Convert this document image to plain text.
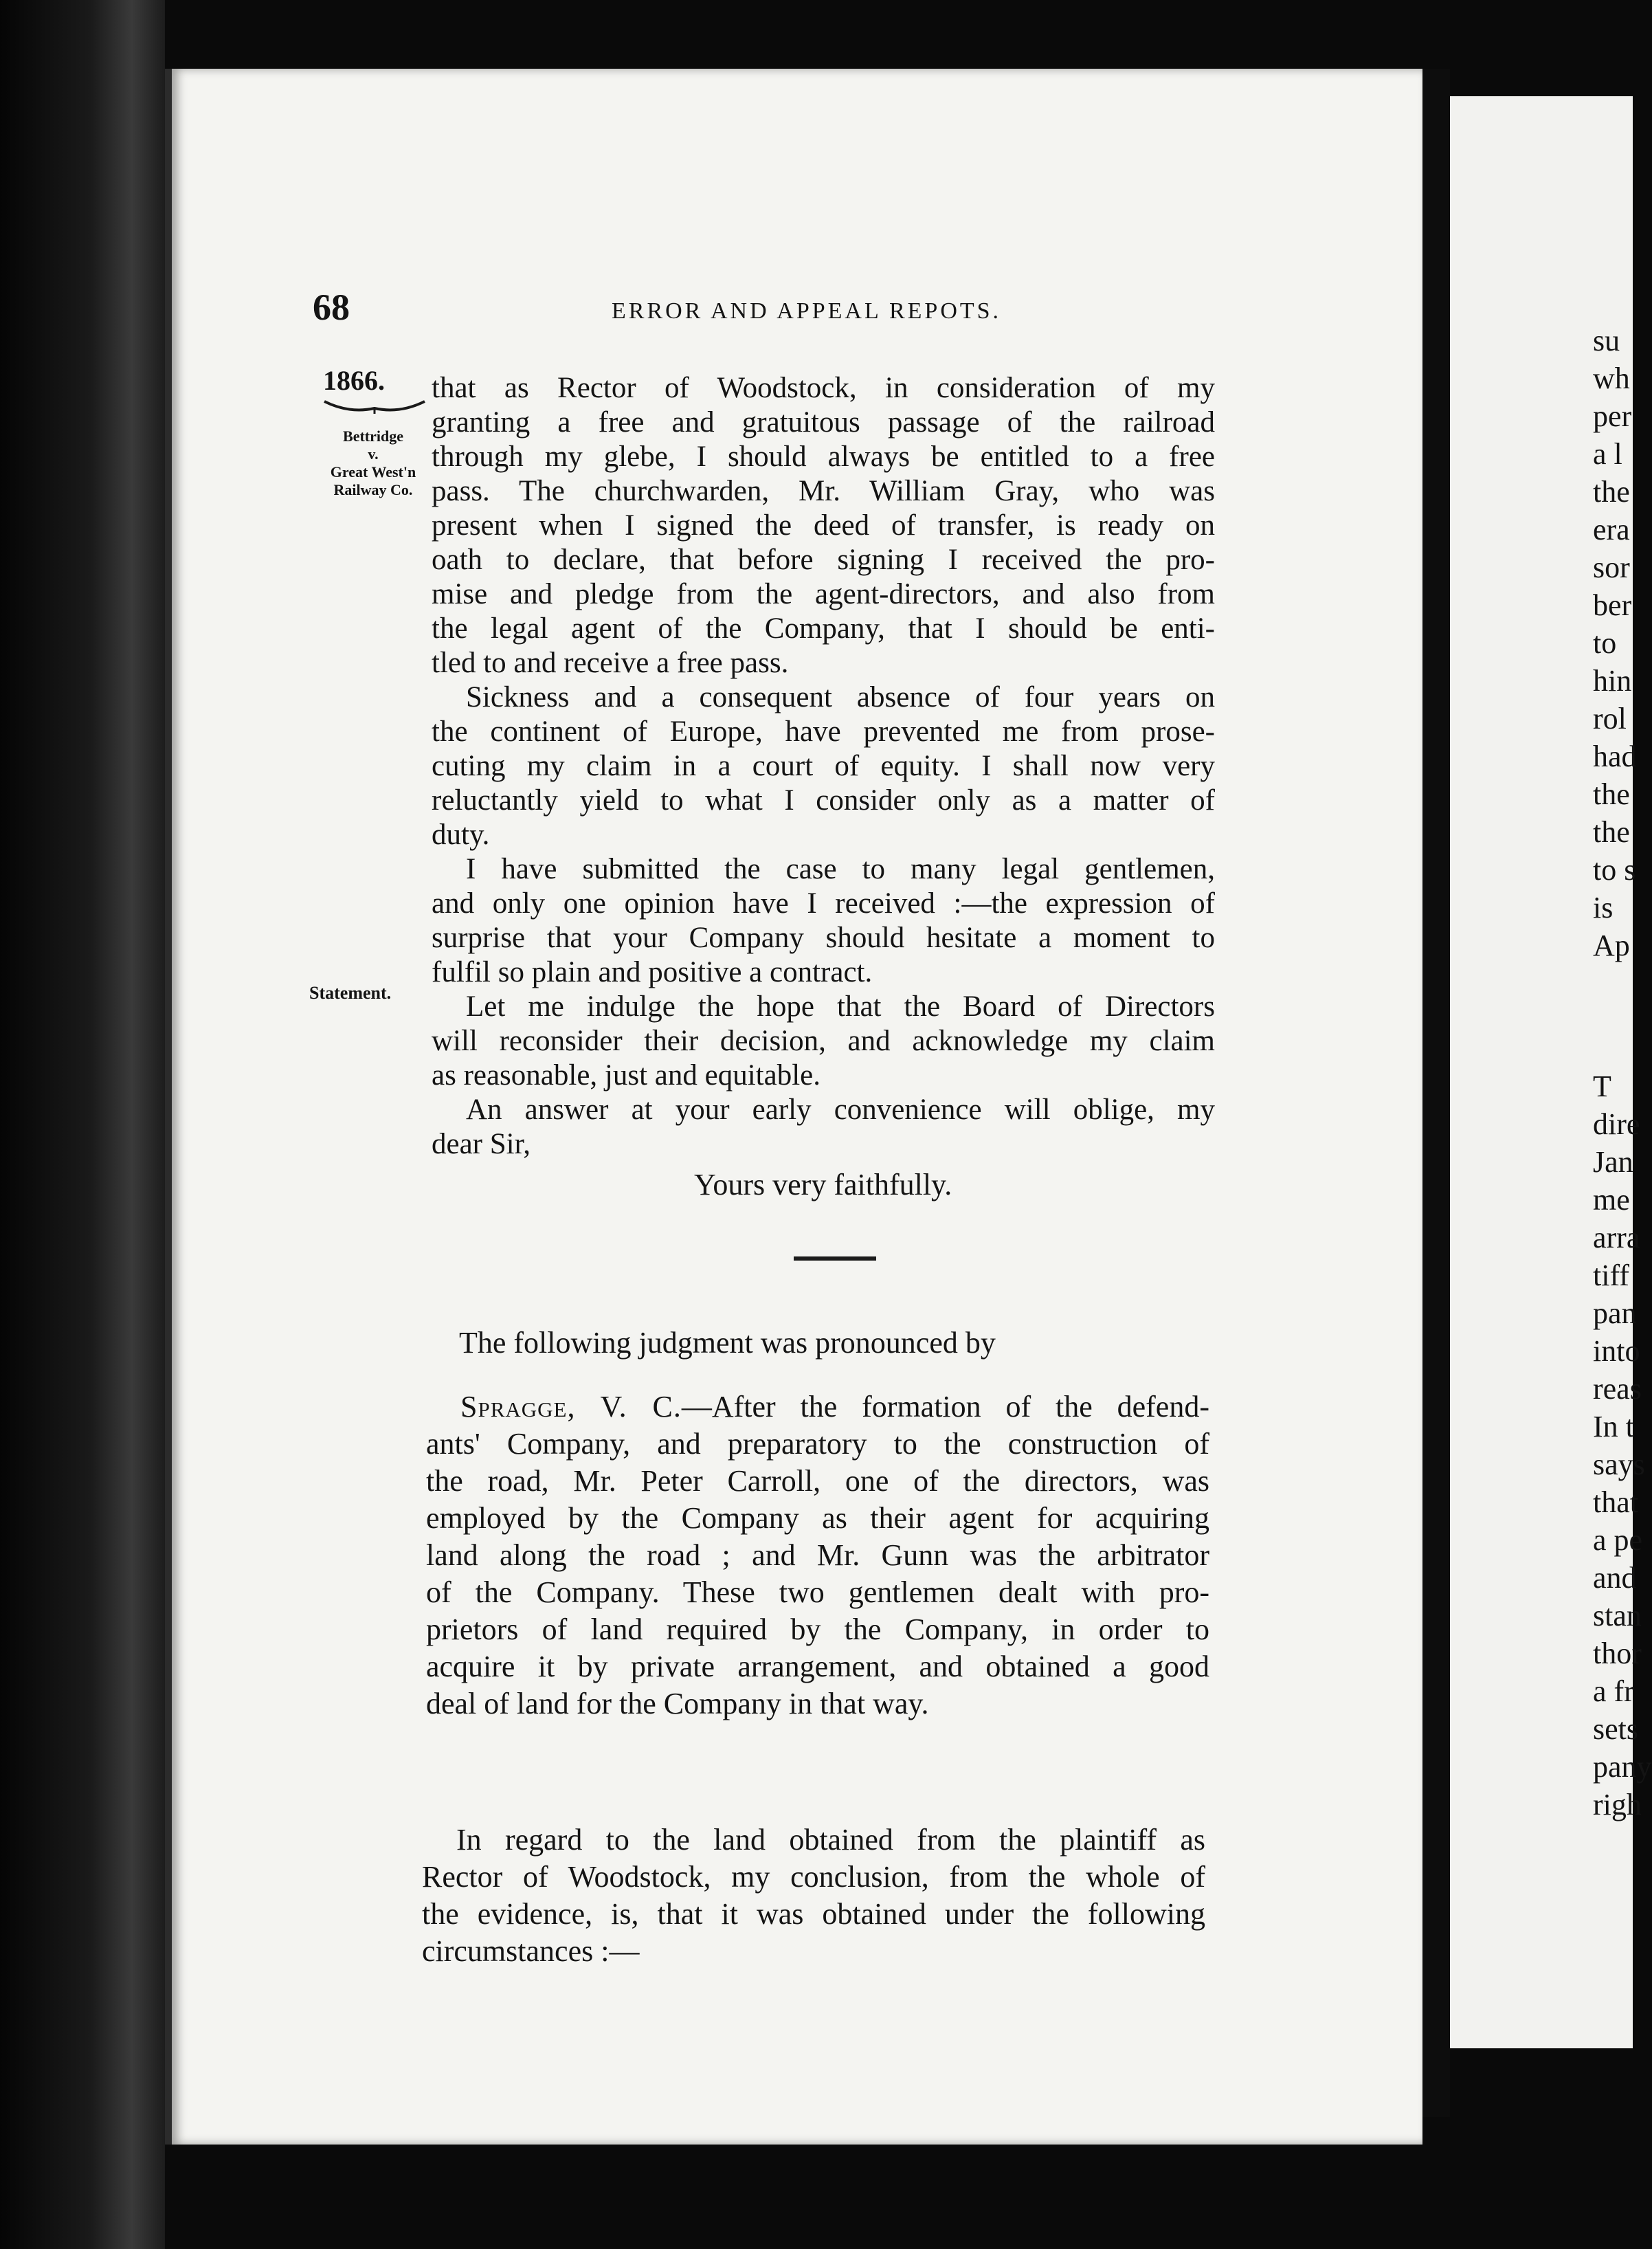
su
wh
per
a l
the
era
sor
ber
to
hin
rol
had
the
the
to s
is
Ap
T
dire
Jan
me
arra
tiff
pan
into
reas
In t
says
that
a pe
and
stan
thor
a fr
sets
pany
righ
68	ERROR AND APPEAL REPOTS.
1866.
Bettridge
v.
Great West'n
Railway Co.
Statement.
that as Rector of Woodstock, in consideration of my
granting a free and gratuitous passage of the railroad
through my glebe, I should always be entitled to a free
pass. The churchwarden, Mr. William Gray, who was
present when I signed the deed of transfer, is ready on
oath to declare, that before signing I received the pro-
mise and pledge from the agent-directors, and also from
the legal agent of the Company, that I should be enti-
tled to and receive a free pass.
Sickness and a consequent absence of four years on
the continent of Europe, have prevented me from prose-
cuting my claim in a court of equity. I shall now very
reluctantly yield to what I consider only as a matter of
duty.
I have submitted the case to many legal gentlemen,
and only one opinion have I received :—the expression of
surprise that your Company should hesitate a moment to
fulfil so plain and positive a contract.
Let me indulge the hope that the Board of Directors
will reconsider their decision, and acknowledge my claim
as reasonable, just and equitable.
An answer at your early convenience will oblige, my
dear Sir,
Yours very faithfully.
The following judgment was pronounced by
Spragge, V. C.—After the formation of the defend-
ants' Company, and preparatory to the construction of
the road, Mr. Peter Carroll, one of the directors, was
employed by the Company as their agent for acquiring
land along the road ; and Mr. Gunn was the arbitrator
of the Company. These two gentlemen dealt with pro-
prietors of land required by the Company, in order to
acquire it by private arrangement, and obtained a good
deal of land for the Company in that way.
In regard to the land obtained from the plaintiff as
Rector of Woodstock, my conclusion, from the whole of
the evidence, is, that it was obtained under the following
circumstances :—
